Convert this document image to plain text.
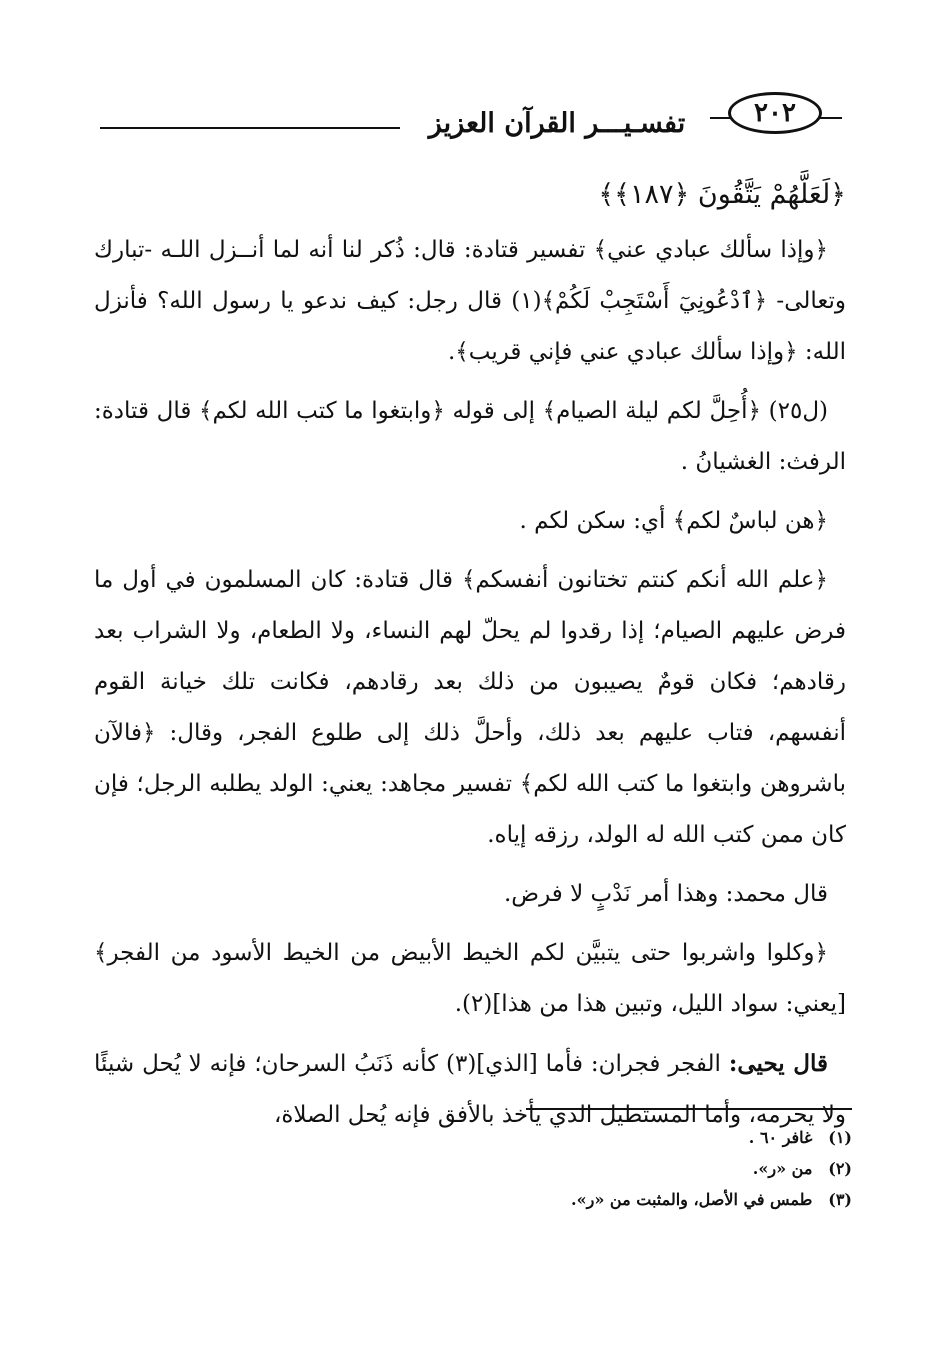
تفسـيـــر القرآن العزيز	٢٠٢

﴿لَعَلَّهُمْ يَتَّقُونَ ﴿١٨٧﴾﴾

﴿وإذا سألك عبادي عني﴾ تفسير قتادة: قال: ذُكر لنا أنه لما أنــزل اللـه -تبارك وتعالى- ﴿ٱدْعُونِيٓ أَسْتَجِبْ لَكُمْ﴾(١) قال رجل: كيف ندعو يا رسول الله؟ فأنزل الله: ﴿وإذا سألك عبادي عني فإني قريب﴾.

(ل٢٥) ﴿أُحِلَّ لكم ليلة الصيام﴾ إلى قوله ﴿وابتغوا ما كتب الله لكم﴾ قال قتادة: الرفث: الغشيانُ .

﴿هن لباسٌ لكم﴾ أي: سكن لكم .

﴿علم الله أنكم كنتم تختانون أنفسكم﴾ قال قتادة: كان المسلمون في أول ما فرض عليهم الصيام؛ إذا رقدوا لم يحلّ لهم النساء، ولا الطعام، ولا الشراب بعد رقادهم؛ فكان قومٌ يصيبون من ذلك بعد رقادهم، فكانت تلك خيانة القوم أنفسهم، فتاب عليهم بعد ذلك، وأحلَّ ذلك إلى طلوع الفجر، وقال: ﴿فالآن باشروهن وابتغوا ما كتب الله لكم﴾ تفسير مجاهد: يعني: الولد يطلبه الرجل؛ فإن كان ممن كتب الله له الولد، رزقه إياه.

قال محمد: وهذا أمر نَدْبٍ لا فرض.

﴿وكلوا واشربوا حتى يتبيَّن لكم الخيط الأبيض من الخيط الأسود من الفجر﴾ [يعني: سواد الليل، وتبين هذا من هذا](٢).

قال يحيى: الفجر فجران: فأما [الذي](٣) كأنه ذَنَبُ السرحان؛ فإنه لا يُحل شيئًا ولا يحرمه، وأما المستطيل الذي يأخذ بالأفق فإنه يُحل الصلاة،

(١) غافر ٦٠ .

(٢) من «ر».

(٣) طمس في الأصل، والمثبت من «ر».
